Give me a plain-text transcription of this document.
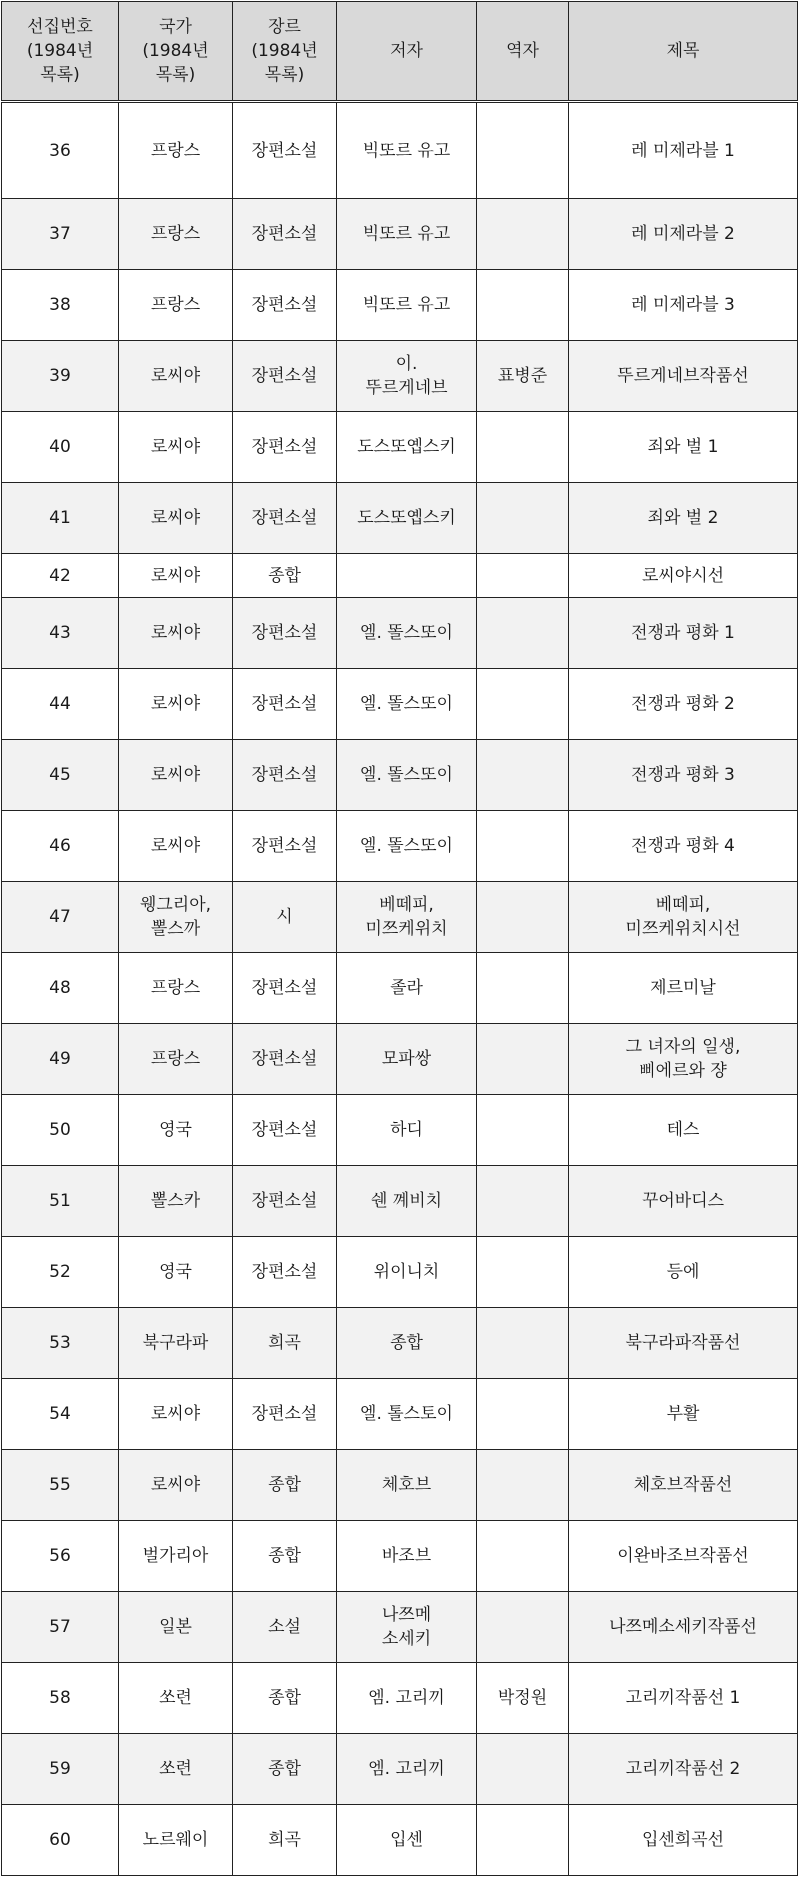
선집번호
(1984년
목록)	국가
(1984년
목록)	장르
(1984년
목록)	저자	역자	제목
36	프랑스	장편소설	빅또르 유고		레 미제라블 1
37	프랑스	장편소설	빅또르 유고		레 미제라블 2
38	프랑스	장편소설	빅또르 유고		레 미제라블 3
39	로씨야	장편소설	이.
뚜르게네브	표병준	뚜르게네브작품선
40	로씨야	장편소설	도스또옙스키		죄와 벌 1
41	로씨야	장편소설	도스또옙스키		죄와 벌 2
42	로씨야	종합			로씨야시선
43	로씨야	장편소설	엘. 똘스또이		전쟁과 평화 1
44	로씨야	장편소설	엘. 똘스또이		전쟁과 평화 2
45	로씨야	장편소설	엘. 똘스또이		전쟁과 평화 3
46	로씨야	장편소설	엘. 똘스또이		전쟁과 평화 4
47	웽그리아,
뽈스까	시	베떼피,
미쯔케위치		베떼피,
미쯔케위치시선
48	프랑스	장편소설	졸라		제르미날
49	프랑스	장편소설	모파쌍		그 녀자의 일생,
삐에르와 쟝
50	영국	장편소설	하디		테스
51	뽈스카	장편소설	쉔 꼐비치		꾸어바디스
52	영국	장편소설	위이니치		등에
53	북구라파	희곡	종합		북구라파작품선
54	로씨야	장편소설	엘. 톨스토이		부활
55	로씨야	종합	체호브		체호브작품선
56	벌가리아	종합	바조브		이완바조브작품선
57	일본	소설	나쯔메
소세키		나쯔메소세키작품선
58	쏘련	종합	엠. 고리끼	박정원	고리끼작품선 1
59	쏘련	종합	엠. 고리끼		고리끼작품선 2
60	노르웨이	희곡	입센		입센희곡선
